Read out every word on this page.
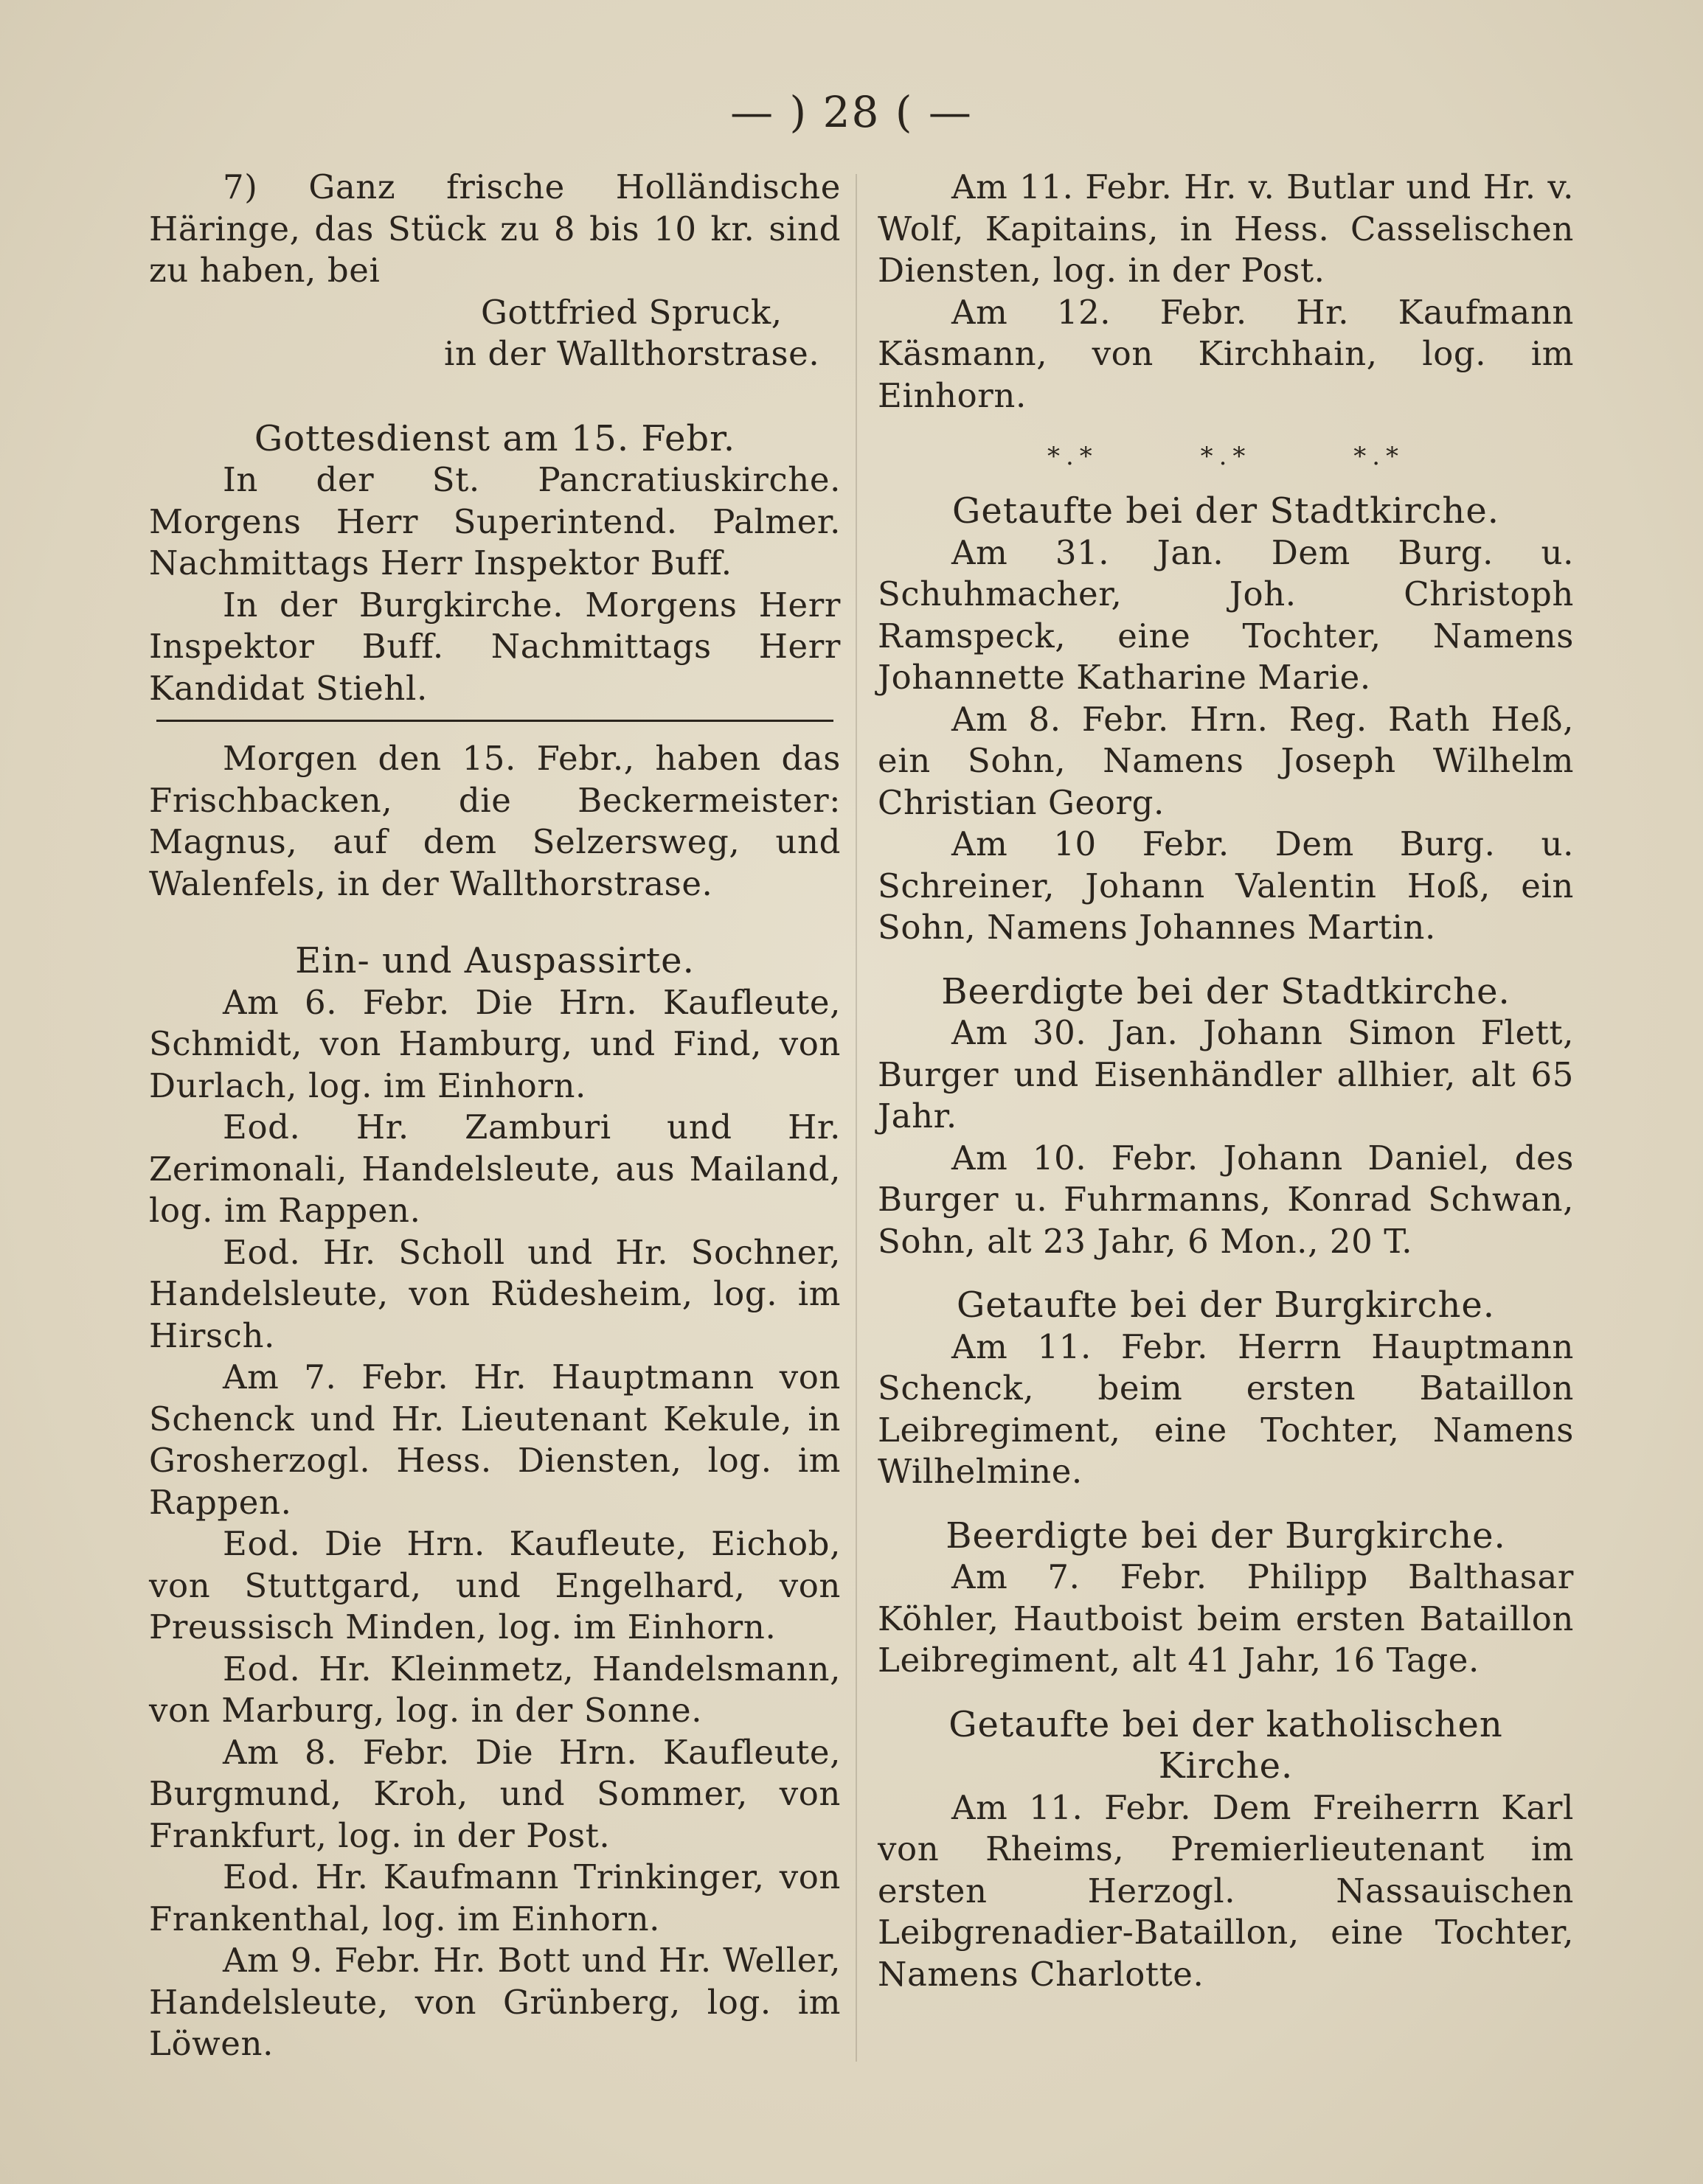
— ) 28 ( —

7) Ganz frische Holländische Häringe, das Stück zu 8 bis 10 kr. sind zu haben, bei

Gottfried Spruck,

in der Wallthorstrase.

Gottesdienst am 15. Febr.

In der St. Pancratiuskirche. Morgens Herr Superintend. Palmer. Nachmittags Herr Inspektor Buff.

In der Burgkirche. Morgens Herr Inspektor Buff. Nachmittags Herr Kandidat Stiehl.

Morgen den 15. Febr., haben das Frischbacken, die Beckermeister: Magnus, auf dem Selzersweg, und Walenfels, in der Wallthorstrase.

Ein- und Auspassirte.

Am 6. Febr. Die Hrn. Kaufleute, Schmidt, von Hamburg, und Find, von Durlach, log. im Einhorn.

Eod. Hr. Zamburi und Hr. Zerimonali, Handelsleute, aus Mailand, log. im Rappen.

Eod. Hr. Scholl und Hr. Sochner, Handelsleute, von Rüdesheim, log. im Hirsch.

Am 7. Febr. Hr. Hauptmann von Schenck und Hr. Lieutenant Kekule, in Grosherzogl. Hess. Diensten, log. im Rappen.

Eod. Die Hrn. Kaufleute, Eichob, von Stuttgard, und Engelhard, von Preussisch Minden, log. im Einhorn.

Eod. Hr. Kleinmetz, Handelsmann, von Marburg, log. in der Sonne.

Am 8. Febr. Die Hrn. Kaufleute, Burgmund, Kroh, und Sommer, von Frankfurt, log. in der Post.

Eod. Hr. Kaufmann Trinkinger, von Frankenthal, log. im Einhorn.

Am 9. Febr. Hr. Bott und Hr. Weller, Handelsleute, von Grünberg, log. im Löwen.

Am 11. Febr. Hr. v. Butlar und Hr. v. Wolf, Kapitains, in Hess. Casselischen Diensten, log. in der Post.

Am 12. Febr. Hr. Kaufmann Käsmann, von Kirchhain, log. im Einhorn.

*.*	*.*	*.*

Getaufte bei der Stadtkirche.

Am 31. Jan. Dem Burg. u. Schuhmacher, Joh. Christoph Ramspeck, eine Tochter, Namens Johannette Katharine Marie.

Am 8. Febr. Hrn. Reg. Rath Heß, ein Sohn, Namens Joseph Wilhelm Christian Georg.

Am 10 Febr. Dem Burg. u. Schreiner, Johann Valentin Hoß, ein Sohn, Namens Johannes Martin.

Beerdigte bei der Stadtkirche.

Am 30. Jan. Johann Simon Flett, Burger und Eisenhändler allhier, alt 65 Jahr.

Am 10. Febr. Johann Daniel, des Burger u. Fuhrmanns, Konrad Schwan, Sohn, alt 23 Jahr, 6 Mon., 20 T.

Getaufte bei der Burgkirche.

Am 11. Febr. Herrn Hauptmann Schenck, beim ersten Bataillon Leibregiment, eine Tochter, Namens Wilhelmine.

Beerdigte bei der Burgkirche.

Am 7. Febr. Philipp Balthasar Köhler, Hautboist beim ersten Bataillon Leibregiment, alt 41 Jahr, 16 Tage.

Getaufte bei der katholischen Kirche.

Am 11. Febr. Dem Freiherrn Karl von Rheims, Premierlieutenant im ersten Herzogl. Nassauischen Leibgrenadier-Bataillon, eine Tochter, Namens Charlotte.
